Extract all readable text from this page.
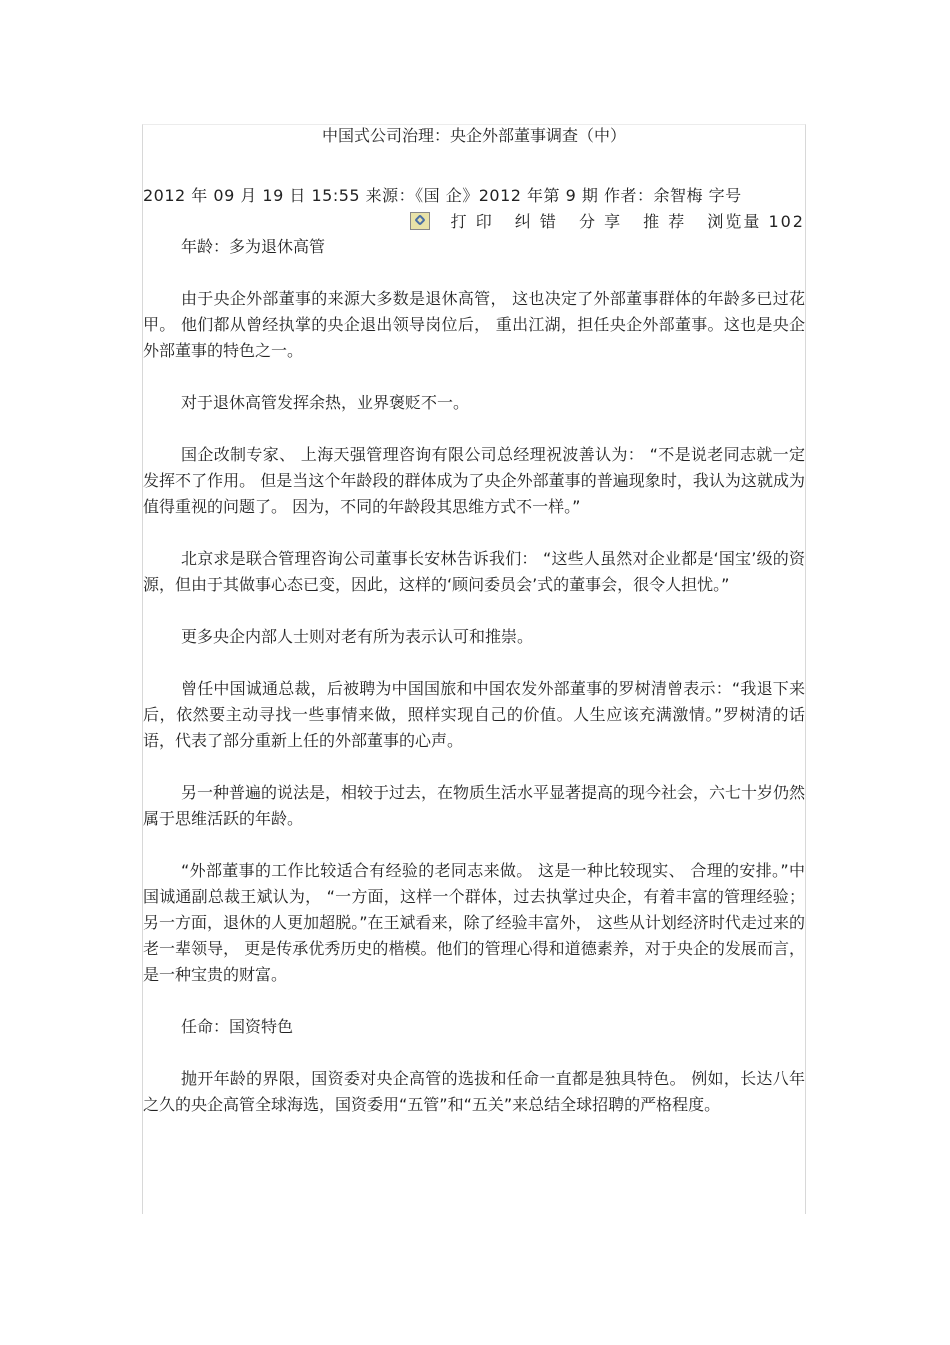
中国式公司治理：央企外部董事调查（中）
2012 年 09 月 19 日 15:55 来源：《国 企》2012 年第 9 期 作者：余智梅 字号
打 印 纠 错 分 享 推 荐 浏览量 102

年龄：多为退休高管

由于央企外部董事的来源大多数是退休高管， 这也决定了外部董事群体的年龄多已过花甲。 他们都从曾经执掌的央企退出领导岗位后， 重出江湖，担任央企外部董事。这也是央企外部董事的特色之一。

对于退休高管发挥余热，业界褒贬不一。

国企改制专家、 上海天强管理咨询有限公司总经理祝波善认为： “不是说老同志就一定发挥不了作用。 但是当这个年龄段的群体成为了央企外部董事的普遍现象时，我认为这就成为值得重视的问题了。 因为，不同的年龄段其思维方式不一样。”

北京求是联合管理咨询公司董事长安林告诉我们： “这些人虽然对企业都是‘国宝’级的资源，但由于其做事心态已变，因此，这样的‘顾问委员会’式的董事会，很令人担忧。”

更多央企内部人士则对老有所为表示认可和推崇。

曾任中国诚通总裁，后被聘为中国国旅和中国农发外部董事的罗树清曾表示：“我退下来后，依然要主动寻找一些事情来做，照样实现自己的价值。人生应该充满激情。”罗树清的话语，代表了部分重新上任的外部董事的心声。

另一种普遍的说法是，相较于过去，在物质生活水平显著提高的现今社会，六七十岁仍然属于思维活跃的年龄。

“外部董事的工作比较适合有经验的老同志来做。 这是一种比较现实、 合理的安排。”中国诚通副总裁王斌认为， “一方面，这样一个群体，过去执掌过央企，有着丰富的管理经验；另一方面，退休的人更加超脱。”在王斌看来，除了经验丰富外， 这些从计划经济时代走过来的老一辈领导， 更是传承优秀历史的楷模。他们的管理心得和道德素养，对于央企的发展而言，是一种宝贵的财富。

任命：国资特色

抛开年龄的界限，国资委对央企高管的选拔和任命一直都是独具特色。 例如，长达八年之久的央企高管全球海选，国资委用“五管”和“五关”来总结全球招聘的严格程度。
